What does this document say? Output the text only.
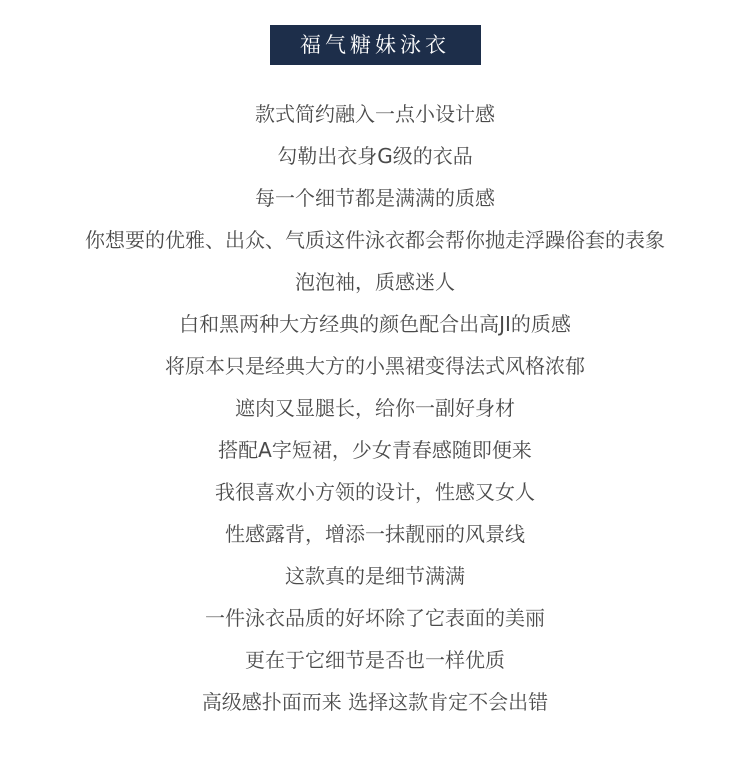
福气糖妹泳衣
款式简约融入一点小设计感
勾勒出衣身G级的衣品
每一个细节都是满满的质感
你想要的优雅、出众、气质这件泳衣都会帮你抛走浮躁俗套的表象
泡泡袖，质感迷人
白和黑两种大方经典的颜色配合出高JI的质感
将原本只是经典大方的小黑裙变得法式风格浓郁
遮肉又显腿长，给你一副好身材
搭配A字短裙，少女青春感随即便来
我很喜欢小方领的设计，性感又女人
性感露背，增添一抹靓丽的风景线
这款真的是细节满满
一件泳衣品质的好坏除了它表面的美丽
更在于它细节是否也一样优质
高级感扑面而来 选择这款肯定不会出错
